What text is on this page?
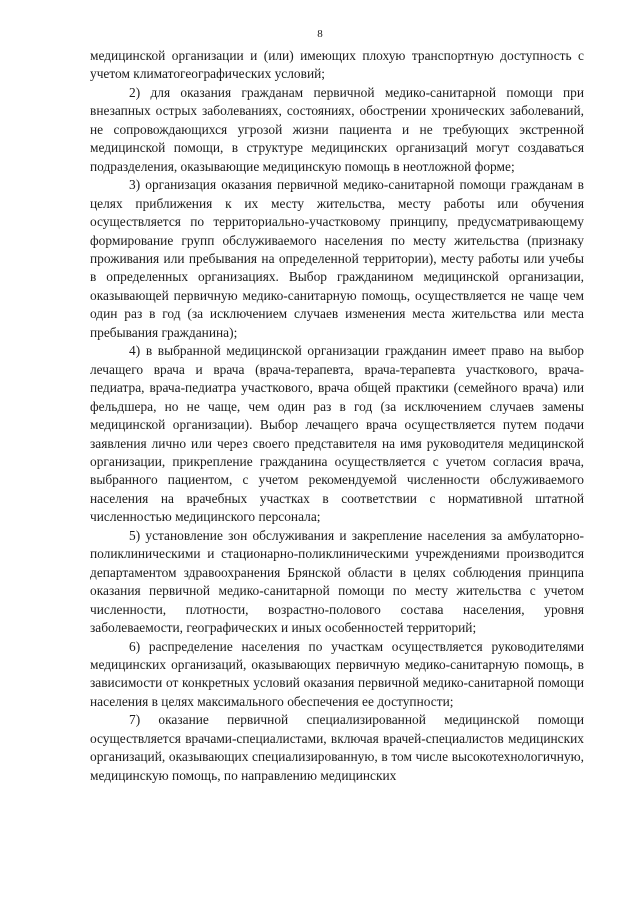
8

медицинской организации и (или) имеющих плохую транспортную доступность с учетом климатогеографических условий;

2) для оказания гражданам первичной медико-санитарной помощи при внезапных острых заболеваниях, состояниях, обострении хронических заболеваний, не сопровождающихся угрозой жизни пациента и не требующих экстренной медицинской помощи, в структуре медицинских организаций могут создаваться подразделения, оказывающие медицинскую помощь в неотложной форме;

3) организация оказания первичной медико-санитарной помощи гражданам в целях приближения к их месту жительства, месту работы или обучения осуществляется по территориально-участковому принципу, предусматривающему формирование групп обслуживаемого населения по месту жительства (признаку проживания или пребывания на определенной территории), месту работы или учебы в определенных организациях. Выбор гражданином медицинской организации, оказывающей первичную медико-санитарную помощь, осуществляется не чаще чем один раз в год (за исключением случаев изменения места жительства или места пребывания гражданина);

4) в выбранной медицинской организации гражданин имеет право на выбор лечащего врача и врача (врача-терапевта, врача-терапевта участкового, врача-педиатра, врача-педиатра участкового, врача общей практики (семейного врача) или фельдшера, но не чаще, чем один раз в год (за исключением случаев замены медицинской организации). Выбор лечащего врача осуществляется путем подачи заявления лично или через своего представителя на имя руководителя медицинской организации, прикрепление гражданина осуществляется с учетом согласия врача, выбранного пациентом, с учетом рекомендуемой численности обслуживаемого населения на врачебных участках в соответствии с нормативной штатной численностью медицинского персонала;

5) установление зон обслуживания и закрепление населения за амбулаторно-поликлиническими и стационарно-поликлиническими учреждениями производится департаментом здравоохранения Брянской области в целях соблюдения принципа оказания первичной медико-санитарной помощи по месту жительства с учетом численности, плотности, возрастно-полового состава населения, уровня заболеваемости, географических и иных особенностей территорий;

6) распределение населения по участкам осуществляется руководителями медицинских организаций, оказывающих первичную медико-санитарную помощь, в зависимости от конкретных условий оказания первичной медико-санитарной помощи населения в целях максимального обеспечения ее доступности;

7) оказание первичной специализированной медицинской помощи осуществляется врачами-специалистами, включая врачей-специалистов медицинских организаций, оказывающих специализированную, в том числе высокотехнологичную, медицинскую помощь, по направлению медицинских
